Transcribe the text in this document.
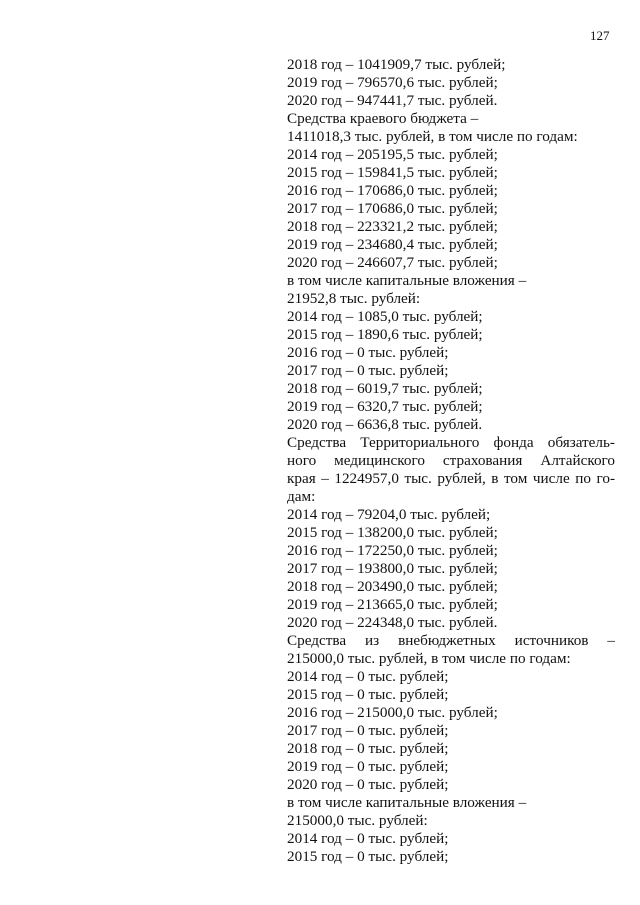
127
2018 год – 1041909,7 тыс. рублей;
2019 год – 796570,6 тыс. рублей;
2020 год – 947441,7 тыс. рублей.
Средства краевого бюджета –
1411018,3 тыс. рублей, в том числе по годам:
2014 год – 205195,5 тыс. рублей;
2015 год – 159841,5 тыс. рублей;
2016 год – 170686,0 тыс. рублей;
2017 год – 170686,0 тыс. рублей;
2018 год – 223321,2 тыс. рублей;
2019 год – 234680,4 тыс. рублей;
2020 год – 246607,7 тыс. рублей;
в том числе капитальные вложения –
21952,8 тыс. рублей:
2014 год – 1085,0 тыс. рублей;
2015 год – 1890,6 тыс. рублей;
2016 год – 0 тыс. рублей;
2017 год – 0 тыс. рублей;
2018 год – 6019,7 тыс. рублей;
2019 год – 6320,7 тыс. рублей;
2020 год – 6636,8 тыс. рублей.
Средства Территориального фонда обязатель-
ного медицинского страхования Алтайского
края – 1224957,0 тыс. рублей, в том числе по го-
дам:
2014 год – 79204,0 тыс. рублей;
2015 год – 138200,0 тыс. рублей;
2016 год – 172250,0 тыс. рублей;
2017 год – 193800,0 тыс. рублей;
2018 год – 203490,0 тыс. рублей;
2019 год – 213665,0 тыс. рублей;
2020 год – 224348,0 тыс. рублей.
Средства из внебюджетных источников –
215000,0 тыс. рублей, в том числе по годам:
2014 год – 0 тыс. рублей;
2015 год – 0 тыс. рублей;
2016 год – 215000,0 тыс. рублей;
2017 год – 0 тыс. рублей;
2018 год – 0 тыс. рублей;
2019 год – 0 тыс. рублей;
2020 год – 0 тыс. рублей;
в том числе капитальные вложения –
215000,0 тыс. рублей:
2014 год – 0 тыс. рублей;
2015 год – 0 тыс. рублей;
